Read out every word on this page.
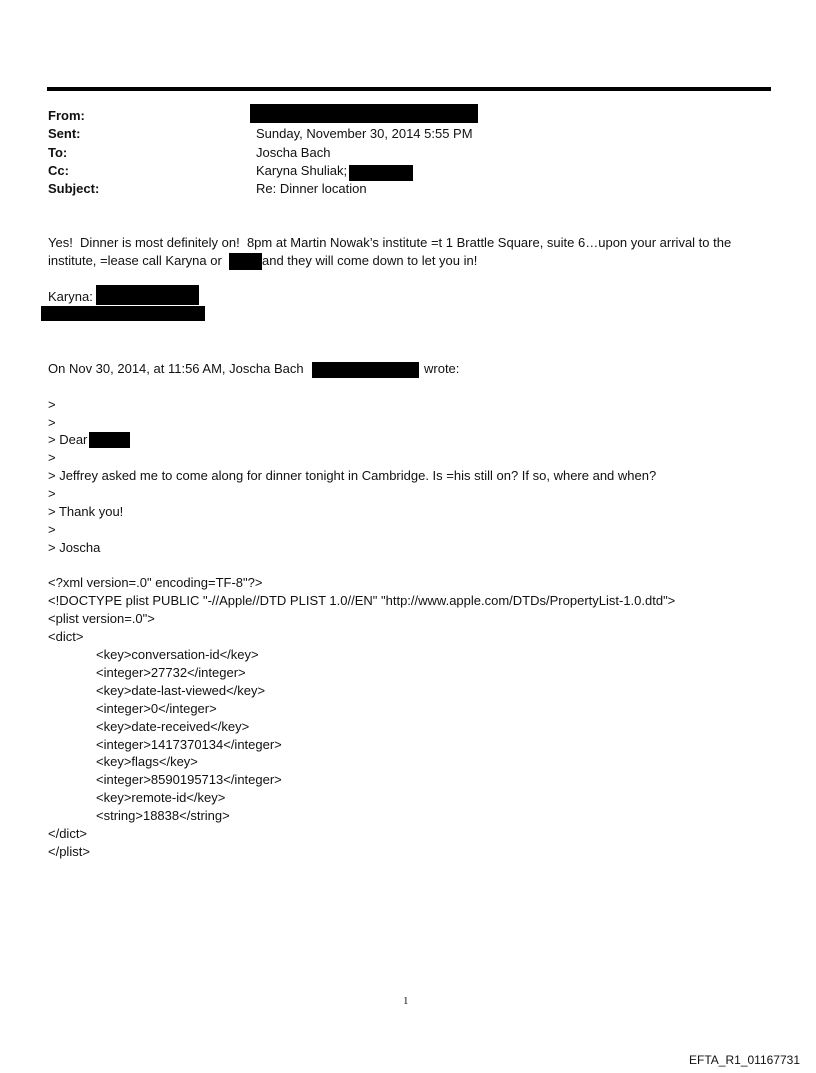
From:
Sent:	Sunday, November 30, 2014 5:55 PM
To:	Joscha Bach
Cc:	Karyna Shuliak;
Subject:	Re: Dinner location
Yes!  Dinner is most definitely on!  8pm at Martin Nowak’s institute =t 1 Brattle Square, suite 6…upon your arrival to the
institute, =lease call Karyna or	and they will come down to let you in!
Karyna:
On Nov 30, 2014, at 11:56 AM, Joscha Bach	wrote:
>
>
> Dear
>
> Jeffrey asked me to come along for dinner tonight in Cambridge. Is =his still on? If so, where and when?
>
> Thank you!
>
> Joscha
<?xml version=.0" encoding=TF-8"?>
<!DOCTYPE plist PUBLIC "-//Apple//DTD PLIST 1.0//EN" "http://www.apple.com/DTDs/PropertyList-1.0.dtd">
<plist version=.0">
<dict>
<key>conversation-id</key>
<integer>27732</integer>
<key>date-last-viewed</key>
<integer>0</integer>
<key>date-received</key>
<integer>1417370134</integer>
<key>flags</key>
<integer>8590195713</integer>
<key>remote-id</key>
<string>18838</string>
</dict>
</plist>
1
EFTA_R1_01167731
